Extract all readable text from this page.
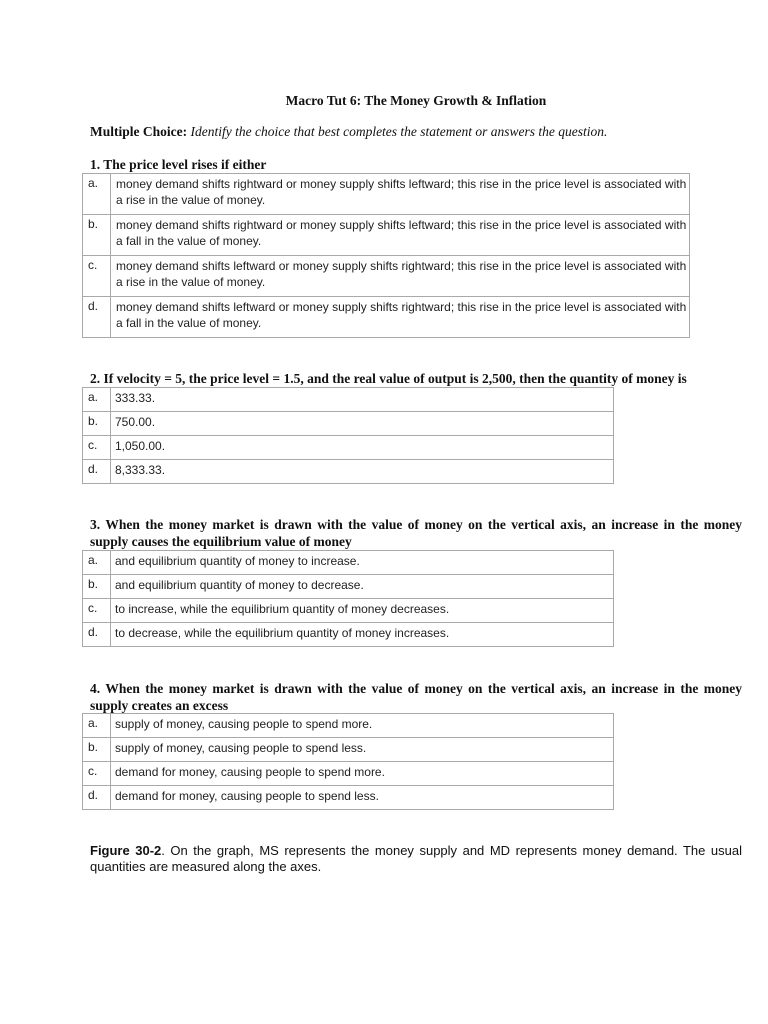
Macro Tut 6: The Money Growth & Inflation
Multiple Choice: Identify the choice that best completes the statement or answers the question.
1. The price level rises if either
a.	money demand shifts rightward or money supply shifts leftward; this rise in the price level is associated with a rise in the value of money.
b.	money demand shifts rightward or money supply shifts leftward; this rise in the price level is associated with a fall in the value of money.
c.	money demand shifts leftward or money supply shifts rightward; this rise in the price level is associated with a rise in the value of money.
d.	money demand shifts leftward or money supply shifts rightward; this rise in the price level is associated with a fall in the value of money.
2. If velocity = 5, the price level = 1.5, and the real value of output is 2,500, then the quantity of money is
a.	333.33.
b.	750.00.
c.	1,050.00.
d.	8,333.33.
3. When the money market is drawn with the value of money on the vertical axis, an increase in the money supply causes the equilibrium value of money
a.	and equilibrium quantity of money to increase.
b.	and equilibrium quantity of money to decrease.
c.	to increase, while the equilibrium quantity of money decreases.
d.	to decrease, while the equilibrium quantity of money increases.
4. When the money market is drawn with the value of money on the vertical axis, an increase in the money supply creates an excess
a.	supply of money, causing people to spend more.
b.	supply of money, causing people to spend less.
c.	demand for money, causing people to spend more.
d.	demand for money, causing people to spend less.
Figure 30-2. On the graph, MS represents the money supply and MD represents money demand. The usual quantities are measured along the axes.
